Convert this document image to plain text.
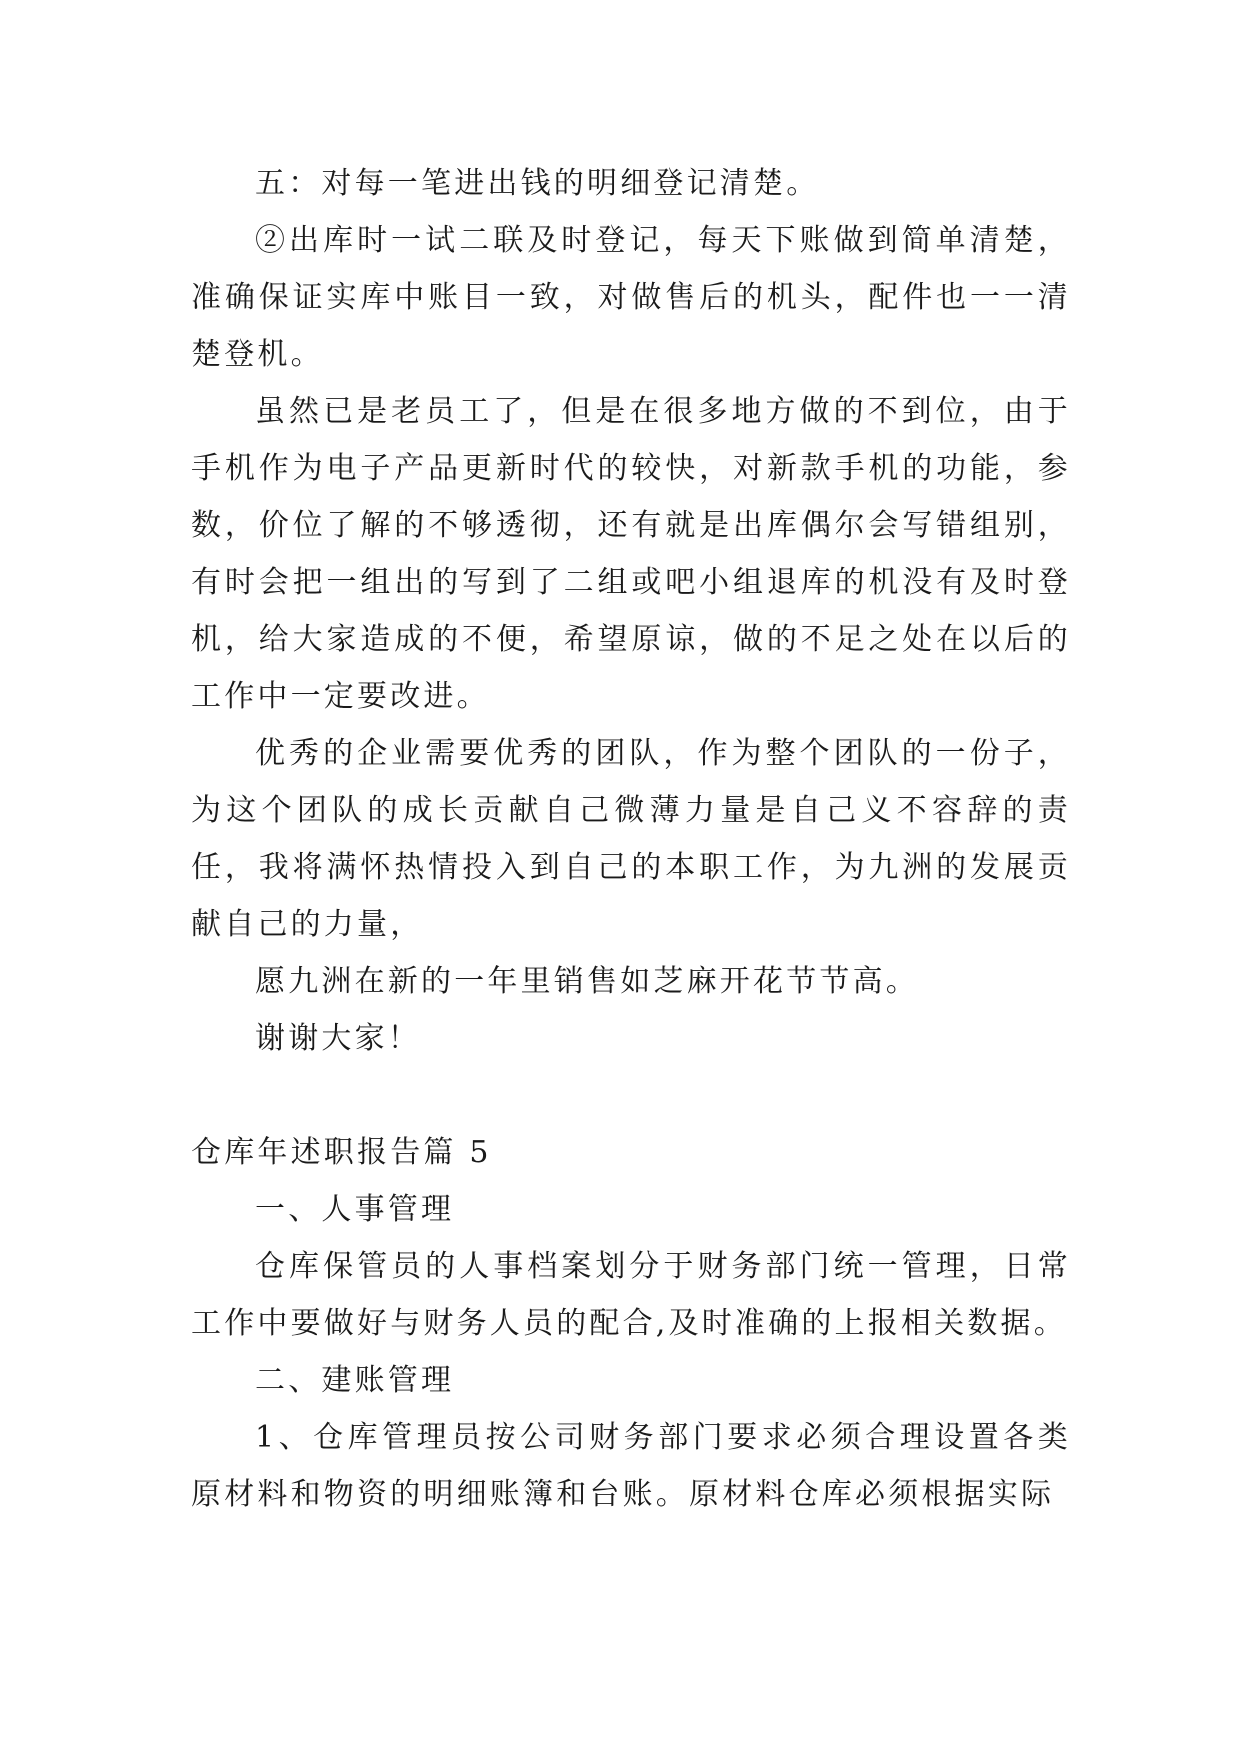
五：对每一笔进出钱的明细登记清楚。

②出库时一试二联及时登记，每天下账做到简单清楚，准确保证实库中账目一致，对做售后的机头，配件也一一清楚登机。

虽然已是老员工了，但是在很多地方做的不到位，由于手机作为电子产品更新时代的较快，对新款手机的功能，参数，价位了解的不够透彻，还有就是出库偶尔会写错组别，有时会把一组出的写到了二组或吧小组退库的机没有及时登机，给大家造成的不便，希望原谅，做的不足之处在以后的工作中一定要改进。

优秀的企业需要优秀的团队，作为整个团队的一份子，为这个团队的成长贡献自己微薄力量是自己义不容辞的责任，我将满怀热情投入到自己的本职工作，为九洲的发展贡献自己的力量，

愿九洲在新的一年里销售如芝麻开花节节高。

谢谢大家！

仓库年述职报告篇 5

一、人事管理

仓库保管员的人事档案划分于财务部门统一管理，日常工作中要做好与财务人员的配合,及时准确的上报相关数据。

二、建账管理

1、仓库管理员按公司财务部门要求必须合理设置各类原材料和物资的明细账簿和台账。原材料仓库必须根据实际
